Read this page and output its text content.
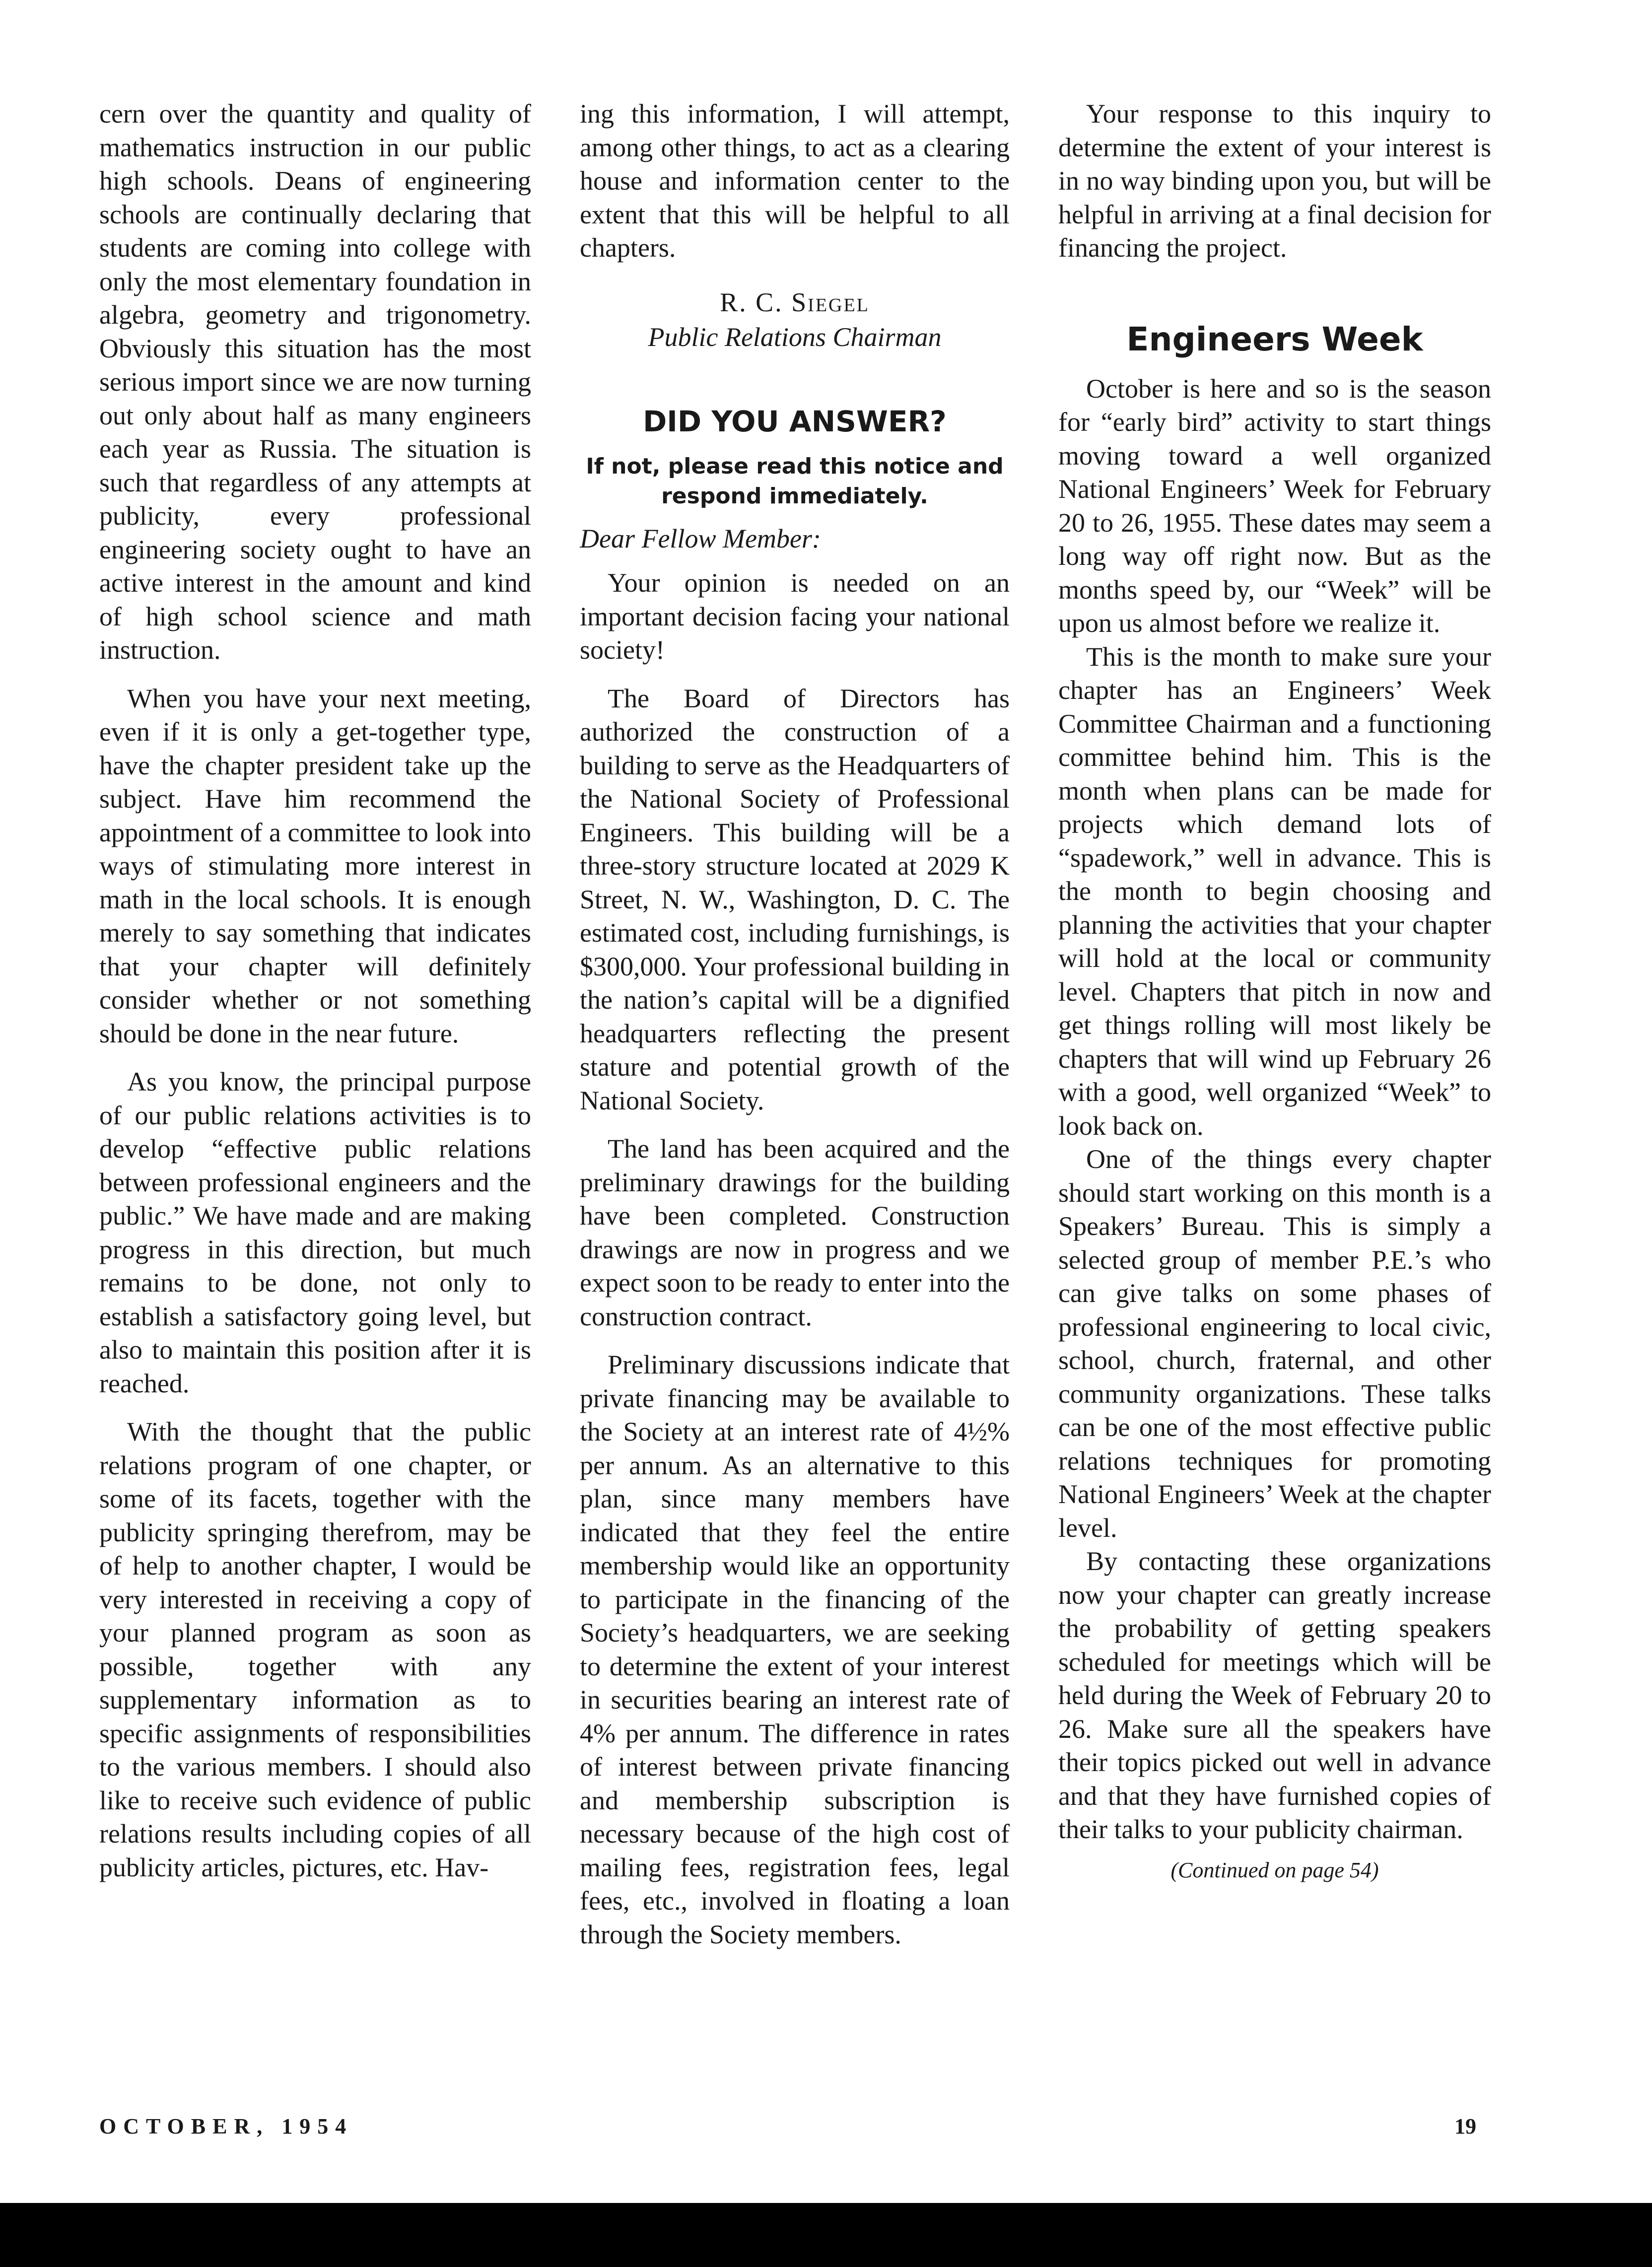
cern over the quantity and quality of mathematics instruction in our public high schools. Deans of engineering schools are continually declaring that students are coming into college with only the most elementary foundation in algebra, geometry and trigonometry. Obviously this situation has the most serious import since we are now turning out only about half as many engineers each year as Russia. The situation is such that regardless of any attempts at publicity, every professional engineering society ought to have an active interest in the amount and kind of high school science and math instruction.

When you have your next meeting, even if it is only a get-together type, have the chapter president take up the subject. Have him recommend the appointment of a committee to look into ways of stimulating more interest in math in the local schools. It is enough merely to say something that indicates that your chapter will definitely consider whether or not something should be done in the near future.

As you know, the principal purpose of our public relations activities is to develop “effective public relations between professional engineers and the public.” We have made and are making progress in this direction, but much remains to be done, not only to establish a satisfactory going level, but also to maintain this position after it is reached.

With the thought that the public relations program of one chapter, or some of its facets, together with the publicity springing therefrom, may be of help to another chapter, I would be very interested in receiving a copy of your planned program as soon as possible, together with any supplementary information as to specific assignments of responsibilities to the various members. I should also like to receive such evidence of public relations results including copies of all publicity articles, pictures, etc. Hav-

ing this information, I will attempt, among other things, to act as a clearing house and information center to the extent that this will be helpful to all chapters.

R. C. Siegel
Public Relations Chairman
DID YOU ANSWER?
If not, please read this notice and respond immediately.
Dear Fellow Member:

Your opinion is needed on an important decision facing your national society!

The Board of Directors has authorized the construction of a building to serve as the Headquarters of the National Society of Professional Engineers. This building will be a three-story structure located at 2029 K Street, N. W., Washington, D. C. The estimated cost, including furnishings, is $300,000. Your professional building in the nation’s capital will be a dignified headquarters reflecting the present stature and potential growth of the National Society.

The land has been acquired and the preliminary drawings for the building have been completed. Construction drawings are now in progress and we expect soon to be ready to enter into the construction contract.

Preliminary discussions indicate that private financing may be available to the Society at an interest rate of 4½% per annum. As an alternative to this plan, since many members have indicated that they feel the entire membership would like an opportunity to participate in the financing of the Society’s headquarters, we are seeking to determine the extent of your interest in securities bearing an interest rate of 4% per annum. The difference in rates of interest between private financing and membership subscription is necessary because of the high cost of mailing fees, registration fees, legal fees, etc., involved in floating a loan through the Society members.

Your response to this inquiry to determine the extent of your interest is in no way binding upon you, but will be helpful in arriving at a final decision for financing the project.

Engineers Week

October is here and so is the season for “early bird” activity to start things moving toward a well organized National Engineers’ Week for February 20 to 26, 1955. These dates may seem a long way off right now. But as the months speed by, our “Week” will be upon us almost before we realize it.

This is the month to make sure your chapter has an Engineers’ Week Committee Chairman and a functioning committee behind him. This is the month when plans can be made for projects which demand lots of “spadework,” well in advance. This is the month to begin choosing and planning the activities that your chapter will hold at the local or community level. Chapters that pitch in now and get things rolling will most likely be chapters that will wind up February 26 with a good, well organized “Week” to look back on.

One of the things every chapter should start working on this month is a Speakers’ Bureau. This is simply a selected group of member P.E.’s who can give talks on some phases of professional engineering to local civic, school, church, fraternal, and other community organizations. These talks can be one of the most effective public relations techniques for promoting National Engineers’ Week at the chapter level.

By contacting these organizations now your chapter can greatly increase the probability of getting speakers scheduled for meetings which will be held during the Week of February 20 to 26. Make sure all the speakers have their topics picked out well in advance and that they have furnished copies of their talks to your publicity chairman.

(Continued on page 54)
OCTOBER, 1954	19
